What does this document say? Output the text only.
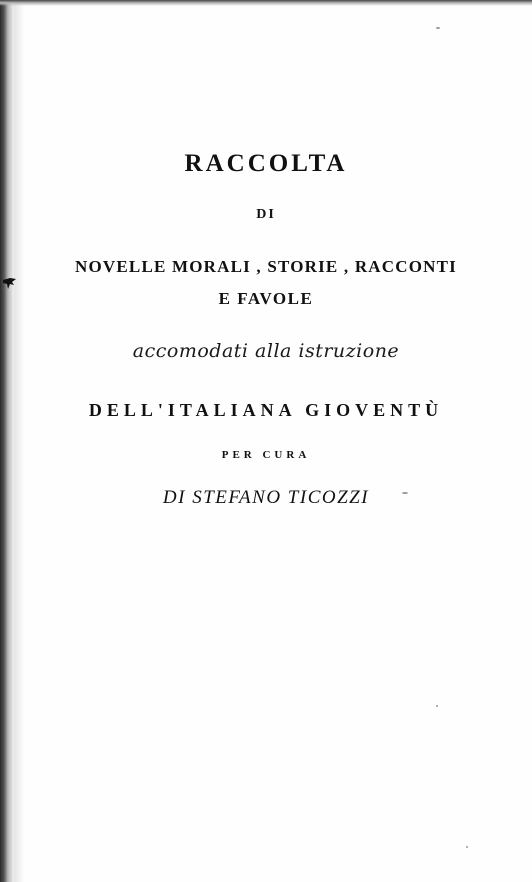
RACCOLTA
DI
NOVELLE MORALI , STORIE , RACCONTI
E FAVOLE
accomodati alla istruzione
DELL'ITALIANA GIOVENTÙ
PER CURA
DI STEFANO TICOZZI
